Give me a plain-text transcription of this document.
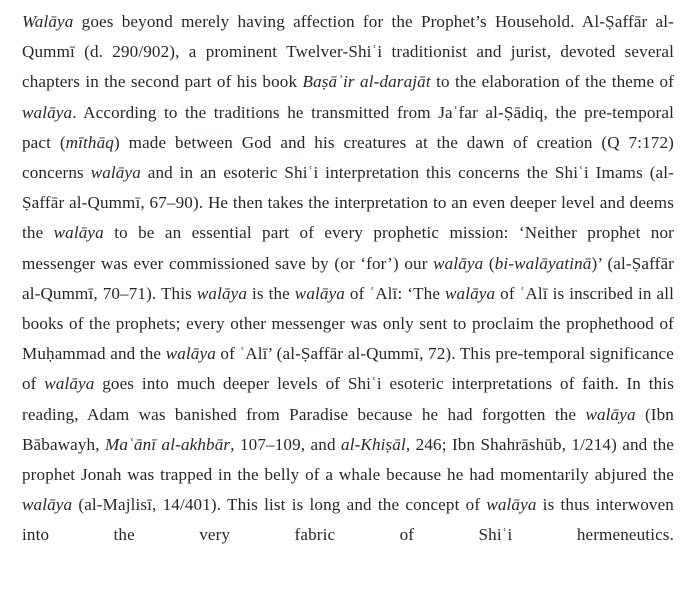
Walāya goes beyond merely having affection for the Prophet’s Household. Al-Ṣaffār al-Qummī (d. 290/902), a prominent Twelver-Shiʿi traditionist and jurist, devoted several chapters in the second part of his book Baṣāʾir al-darajāt to the elaboration of the theme of walāya. According to the traditions he transmitted from Jaʿfar al-Ṣādiq, the pre-temporal pact (mīthāq) made between God and his creatures at the dawn of creation (Q 7:172) concerns walāya and in an esoteric Shiʿi interpretation this concerns the Shiʿi Imams (al-Ṣaffār al-Qummī, 67–90). He then takes the interpretation to an even deeper level and deems the walāya to be an essential part of every prophetic mission: ‘Neither prophet nor messenger was ever commissioned save by (or ‘for’) our walāya (bi-walāyatinā)’ (al-Ṣaffār al-Qummī, 70–71). This walāya is the walāya of ʿAlī: ‘The walāya of ʿAlī is inscribed in all books of the prophets; every other messenger was only sent to proclaim the prophethood of Muḥammad and the walāya of ʿAlī’ (al-Ṣaffār al-Qummī, 72). This pre-temporal significance of walāya goes into much deeper levels of Shiʿi esoteric interpretations of faith. In this reading, Adam was banished from Paradise because he had forgotten the walāya (Ibn Bābawayh, Maʿānī al-akhbār, 107–109, and al-Khiṣāl, 246; Ibn Shahrāshūb, 1/214) and the prophet Jonah was trapped in the belly of a whale because he had momentarily abjured the walāya (al-Majlisī, 14/401). This list is long and the concept of walāya is thus interwoven into the very fabric of Shiʿi hermeneutics.
